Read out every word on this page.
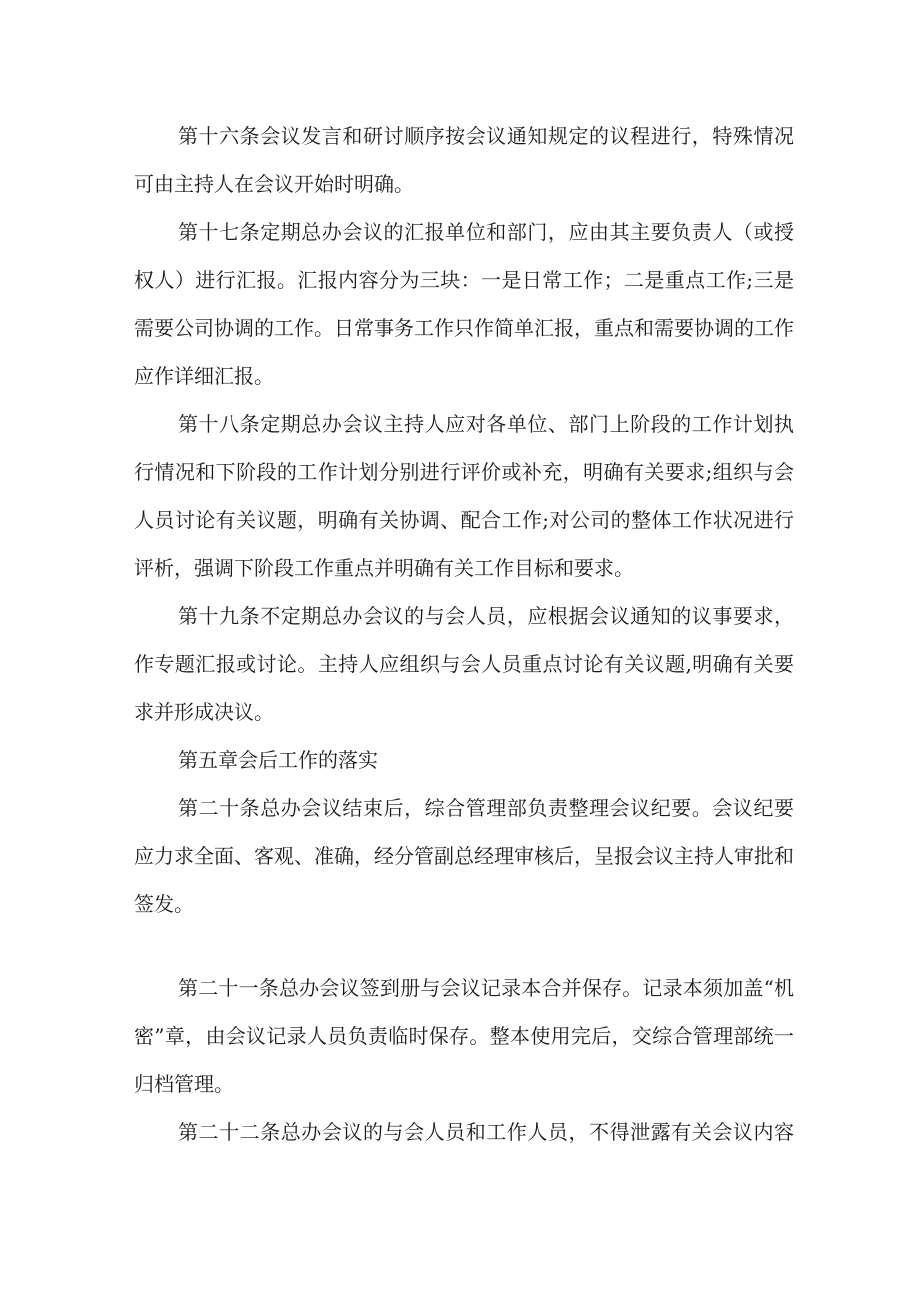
第十六条会议发言和研讨顺序按会议通知规定的议程进行，特殊情况
可由主持人在会议开始时明确。
第十七条定期总办会议的汇报单位和部门，应由其主要负责人（或授
权人）进行汇报。汇报内容分为三块：一是日常工作；二是重点工作;三是
需要公司协调的工作。日常事务工作只作简单汇报，重点和需要协调的工作
应作详细汇报。
第十八条定期总办会议主持人应对各单位、部门上阶段的工作计划执
行情况和下阶段的工作计划分别进行评价或补充，明确有关要求;组织与会
人员讨论有关议题，明确有关协调、配合工作;对公司的整体工作状况进行
评析，强调下阶段工作重点并明确有关工作目标和要求。
第十九条不定期总办会议的与会人员，应根据会议通知的议事要求，
作专题汇报或讨论。主持人应组织与会人员重点讨论有关议题,明确有关要
求并形成决议。
第五章会后工作的落实
第二十条总办会议结束后，综合管理部负责整理会议纪要。会议纪要
应力求全面、客观、准确，经分管副总经理审核后，呈报会议主持人审批和
签发。
第二十一条总办会议签到册与会议记录本合并保存。记录本须加盖“机
密”章，由会议记录人员负责临时保存。整本使用完后，交综合管理部统一
归档管理。
第二十二条总办会议的与会人员和工作人员，不得泄露有关会议内容
